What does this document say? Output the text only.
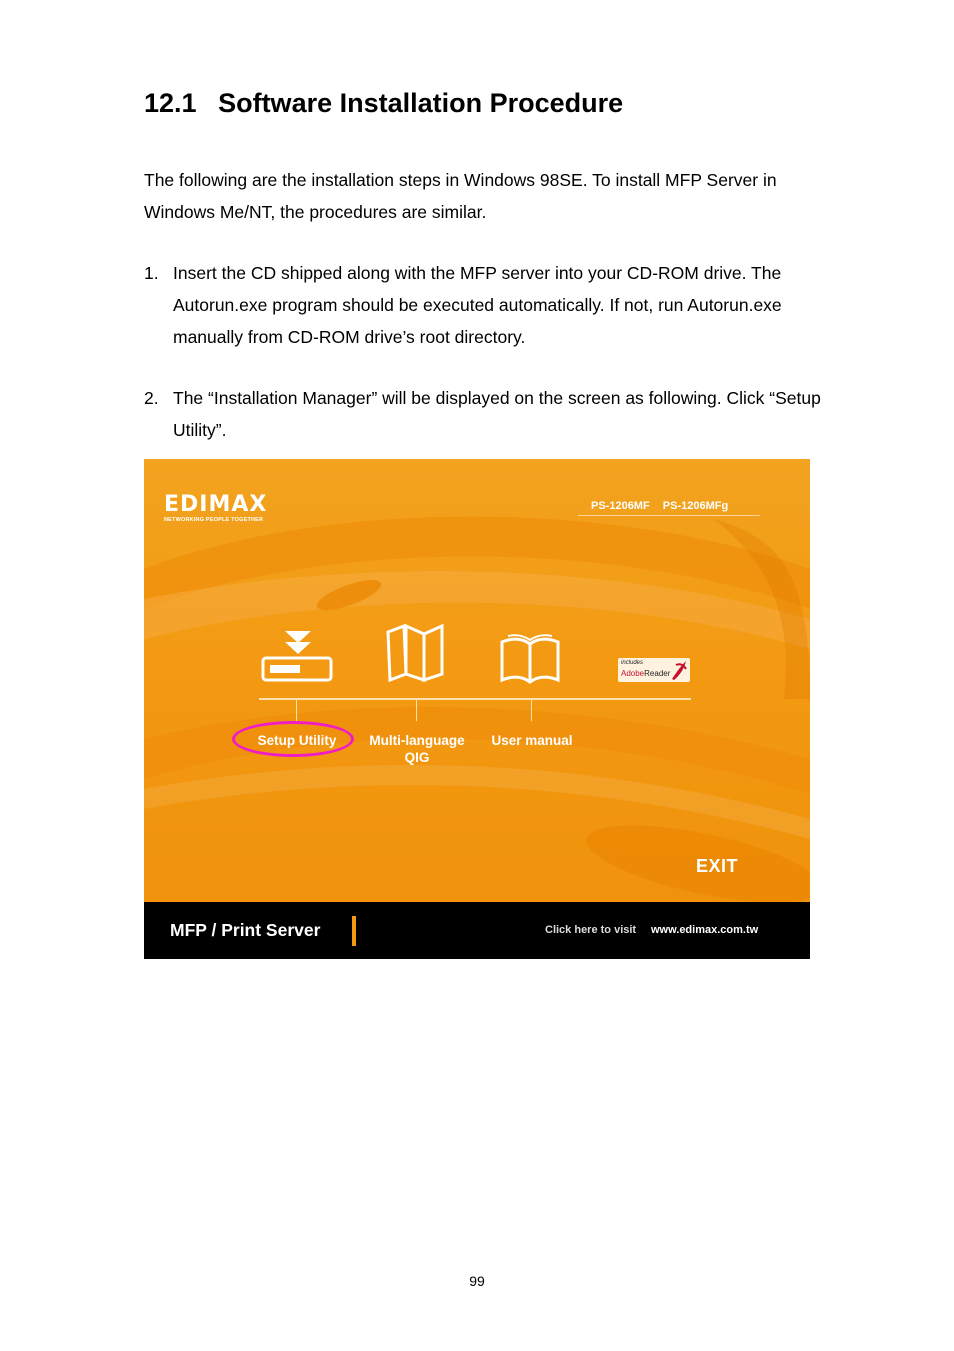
12.1 Software Installation Procedure
The following are the installation steps in Windows 98SE. To install MFP Server in Windows Me/NT, the procedures are similar.
1. Insert the CD shipped along with the MFP server into your CD-ROM drive. The Autorun.exe program should be executed automatically. If not, run Autorun.exe manually from CD-ROM drive’s root directory.
2. The “Installation Manager” will be displayed on the screen as following. Click “Setup Utility”.
EDIMAX
NETWORKING PEOPLE TOGETHER
PS-1206MF PS-1206MFg
includes
AdobeReader
Setup Utility	Multi-language QIG
User manual
EXIT
MFP / Print Server	Click here to visit www.edimax.com.tw
99
